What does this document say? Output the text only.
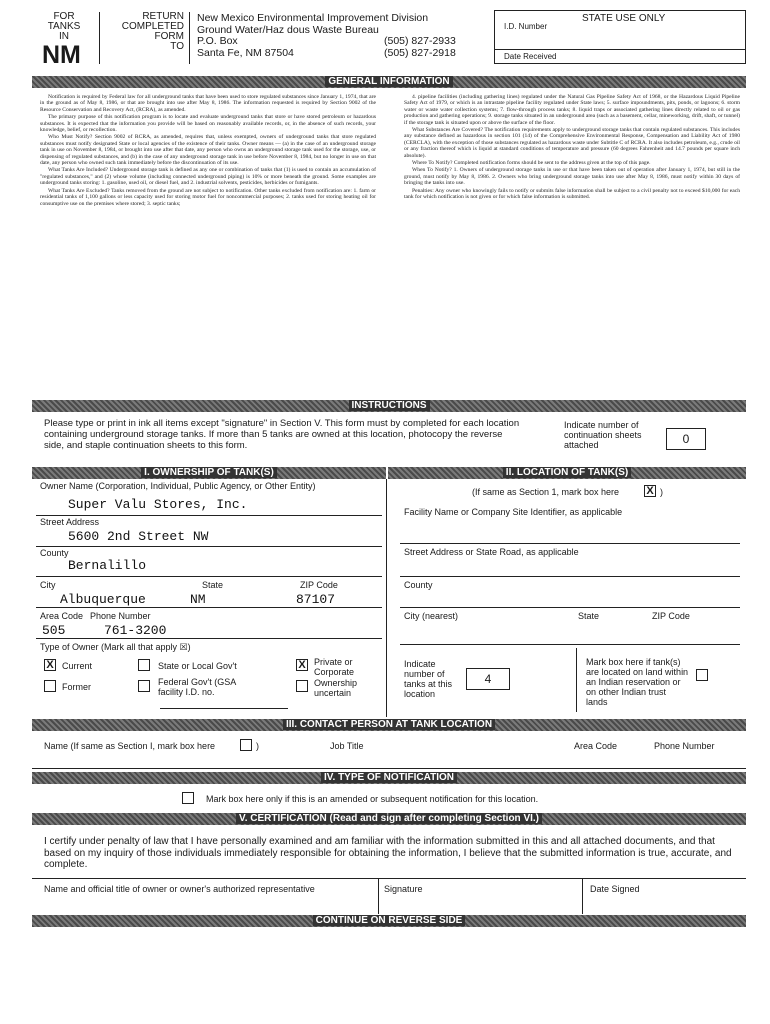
FOR
TANKS
IN
NM
RETURN
COMPLETED
FORM
TO
New Mexico Environmental Improvement Division
Ground Water/Haz dous Waste Bureau
P.O. Box
Santa Fe, NM 87504
(505) 827-2933
(505) 827-2918
I.D. Number
STATE USE ONLY
Date Received
GENERAL INFORMATION

Notification is required by Federal law for all underground tanks that have been used to store regulated substances since January 1, 1974, that are in the ground as of May 8, 1986, or that are brought into use after May 8, 1986. The information requested is required by Section 9002 of the Resource Conservation and Recovery Act, (RCRA), as amended.

The primary purpose of this notification program is to locate and evaluate underground tanks that store or have stored petroleum or hazardous substances. It is expected that the information you provide will be based on reasonably available records, or, in the absence of such records, your knowledge, belief, or recollection.

Who Must Notify? Section 9002 of RCRA, as amended, requires that, unless exempted, owners of underground tanks that store regulated substances must notify designated State or local agencies of the existence of their tanks. Owner means — (a) in the case of an underground storage tank in use on November 8, 1984, or brought into use after that date, any person who owns an underground storage tank used for the storage, use, or dispensing of regulated substances, and (b) in the case of any underground storage tank in use before November 8, 1984, but no longer in use on that date, any person who owned such tank immediately before the discontinuation of its use.

What Tanks Are Included? Underground storage tank is defined as any one or combination of tanks that (1) is used to contain an accumulation of "regulated substances," and (2) whose volume (including connected underground piping) is 10% or more beneath the ground. Some examples are underground tanks storing: 1. gasoline, used oil, or diesel fuel, and 2. industrial solvents, pesticides, herbicides or fumigants.

What Tanks Are Excluded? Tanks removed from the ground are not subject to notification. Other tanks excluded from notification are: 1. farm or residential tanks of 1,100 gallons or less capacity used for storing motor fuel for noncommercial purposes; 2. tanks used for storing heating oil for consumptive use on the premises where stored; 3. septic tanks;

4. pipeline facilities (including gathering lines) regulated under the Natural Gas Pipeline Safety Act of 1968, or the Hazardous Liquid Pipeline Safety Act of 1979, or which is an intrastate pipeline facility regulated under State laws; 5. surface impoundments, pits, ponds, or lagoons; 6. storm water or waste water collection systems; 7. flow-through process tanks; 8. liquid traps or associated gathering lines directly related to oil or gas production and gathering operations; 9. storage tanks situated in an underground area (such as a basement, cellar, mineworking, drift, shaft, or tunnel) if the storage tank is situated upon or above the surface of the floor.

What Substances Are Covered? The notification requirements apply to underground storage tanks that contain regulated substances. This includes any substance defined as hazardous in section 101 (14) of the Comprehensive Environmental Response, Compensation and Liability Act of 1980 (CERCLA), with the exception of those substances regulated as hazardous waste under Subtitle C of RCRA. It also includes petroleum, e.g., crude oil or any fraction thereof which is liquid at standard conditions of temperature and pressure (60 degrees Fahrenheit and 14.7 pounds per square inch absolute).

Where To Notify? Completed notification forms should be sent to the address given at the top of this page.

When To Notify? 1. Owners of underground storage tanks in use or that have been taken out of operation after January 1, 1974, but still in the ground, must notify by May 8, 1986. 2. Owners who bring underground storage tanks into use after May 8, 1986, must notify within 30 days of bringing the tanks into use.

Penalties: Any owner who knowingly fails to notify or submits false information shall be subject to a civil penalty not to exceed $10,000 for each tank for which notification is not given or for which false information is submitted.

INSTRUCTIONS
Please type or print in ink all items except "signature" in Section V. This form must by completed for each location containing underground storage tanks. If more than 5 tanks are owned at this location, photocopy the reverse side, and staple continuation sheets to this form.
Indicate number of continuation sheets attached	0
I. OWNERSHIP OF TANK(S)	II. LOCATION OF TANK(S)
Owner Name (Corporation, Individual, Public Agency, or Other Entity)
Super Valu Stores, Inc.
Street Address
5600 2nd Street NW
County
Bernalillo
City	State	ZIP Code
Albuquerque	NM	87107
Area Code Phone Number
505	761-3200
Type of Owner (Mark all that apply ☒)
X Current
Former
State or Local Gov't
Federal Gov't (GSA facility I.D. no.
X Private or Corporate
Ownership uncertain
(If same as Section 1, mark box here X )
Facility Name or Company Site Identifier, as applicable
Street Address or State Road, as applicable
County
City (nearest)	State	ZIP Code
Indicate number of tanks at this location
4
Mark box here if tank(s) are located on land within an Indian reservation or on other Indian trust lands
III. CONTACT PERSON AT TANK LOCATION
Name (If same as Section I, mark box here	)	Job Title	Area Code	Phone Number
IV. TYPE OF NOTIFICATION
Mark box here only if this is an amended or subsequent notification for this location.
V. CERTIFICATION (Read and sign after completing Section VI.)
I certify under penalty of law that I have personally examined and am familiar with the information submitted in this and all attached documents, and that based on my inquiry of those individuals immediately responsible for obtaining the information, I believe that the submitted information is true, accurate, and complete.
Name and official title of owner or owner's authorized representative	Signature	Date Signed
CONTINUE ON REVERSE SIDE
